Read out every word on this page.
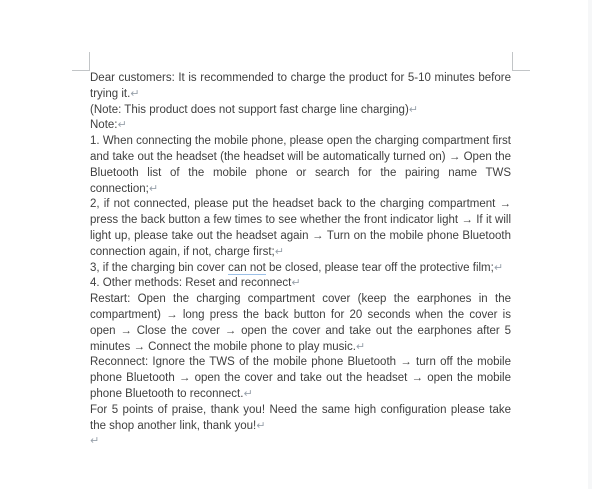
Dear customers: It is recommended to charge the product for 5-10 minutes before trying it.↵

(Note: This product does not support fast charge line charging)↵

Note:↵

1. When connecting the mobile phone, please open the charging compartment first and take out the headset (the headset will be automatically turned on) → Open the Bluetooth list of the mobile phone or search for the pairing name TWS connection;↵

2, if not connected, please put the headset back to the charging compartment → press the back button a few times to see whether the front indicator light → If it will light up, please take out the headset again → Turn on the mobile phone Bluetooth connection again, if not, charge first;↵

3, if the charging bin cover can not be closed, please tear off the protective film;↵

4. Other methods: Reset and reconnect↵

Restart: Open the charging compartment cover (keep the earphones in the compartment) → long press the back button for 20 seconds when the cover is open → Close the cover → open the cover and take out the earphones after 5 minutes → Connect the mobile phone to play music.↵

Reconnect: Ignore the TWS of the mobile phone Bluetooth → turn off the mobile phone Bluetooth → open the cover and take out the headset → open the mobile phone Bluetooth to reconnect.↵

For 5 points of praise, thank you! Need the same high configuration please take the shop another link, thank you!↵

↵
